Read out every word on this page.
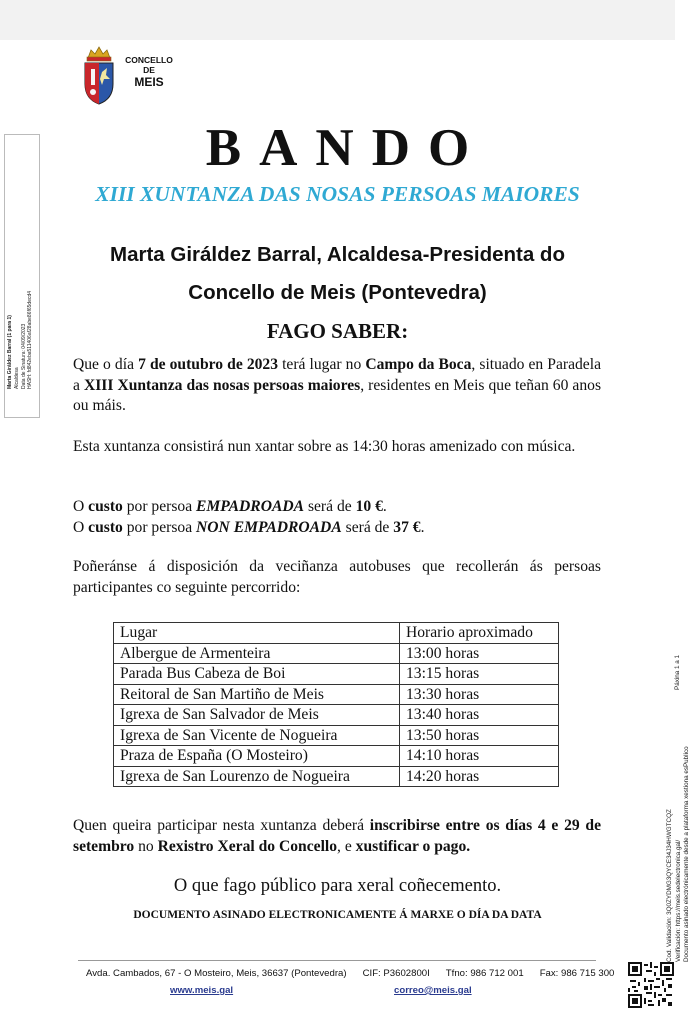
CONCELLO
DE
MEIS
Marta Giráldez Barral (1 para 1) Alcaldesa Data de Sinatura: 04/09/2023 HASH: fd842eba511406af28abe86f65decd4
Cod. Validación: 3Q0ZYDMG3QYCE34J34HWGTCQZ Verificación: https://meis.sedelectronica.gal/ Documento asinado electrónicamente desde a plataforma xestiona esPublico
Páxina 1 a 1
BANDO
XIII XUNTANZA DAS NOSAS PERSOAS MAIORES
Marta Giráldez Barral, Alcaldesa-Presidenta do
Concello de Meis (Pontevedra)
FAGO SABER:
Que o día 7 de outubro de 2023 terá lugar no Campo da Boca, situado en Paradela a XIII Xuntanza das nosas persoas maiores, residentes en Meis que teñan 60 anos ou máis.
Esta xuntanza consistirá nun xantar sobre as 14:30 horas amenizado con música.
O custo por persoa EMPADROADA será de 10 €.
O custo por persoa NON EMPADROADA será de 37 €.
Poñeránse á disposición da veciñanza autobuses que recollerán ás persoas participantes co seguinte percorrido:
Lugar	Horario aproximado
Albergue de Armenteira	13:00 horas
Parada Bus Cabeza de Boi	13:15 horas
Reitoral de San Martiño de Meis	13:30 horas
Igrexa de San Salvador de Meis	13:40 horas
Igrexa de San Vicente de Nogueira	13:50 horas
Praza de España (O Mosteiro)	14:10 horas
Igrexa de San Lourenzo de Nogueira	14:20 horas
Quen queira participar nesta xuntanza deberá inscribirse entre os días 4 e 29 de setembro no Rexistro Xeral do Concello, e xustificar o pago.
O que fago público para xeral coñecemento.
DOCUMENTO ASINADO ELECTRONICAMENTE Á MARXE O DÍA DA DATA
Avda. Cambados, 67 - O Mosteiro, Meis, 36637 (Pontevedra) CIF: P3602800I Tfno: 986 712 001 Fax: 986 715 300
www.meis.gal	correo@meis.gal
